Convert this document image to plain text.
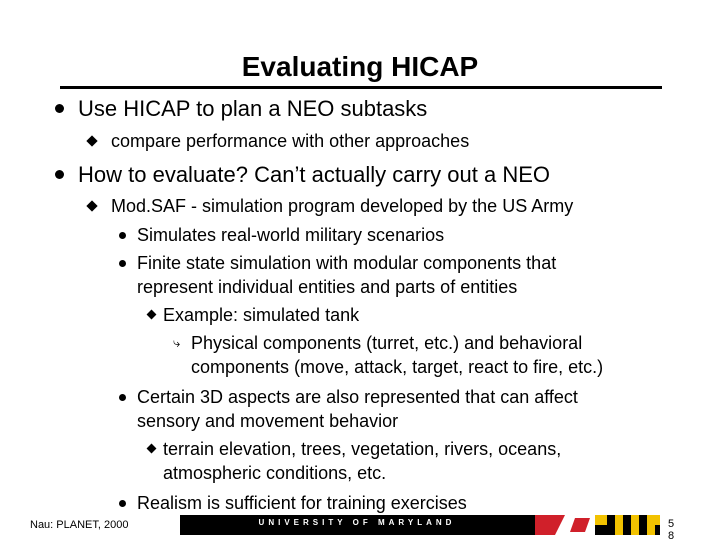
Evaluating HICAP
Use HICAP to plan a NEO subtasks
compare performance with other approaches
How to evaluate? Can’t actually carry out a NEO
Mod.SAF - simulation program developed by the US Army
Simulates real-world military scenarios
Finite state simulation with modular components that
represent individual entities and parts of entities
Example: simulated tank
⤷ Physical components (turret, etc.) and behavioral
components (move, attack, target, react to fire, etc.)
Certain 3D aspects are also represented that can affect
sensory and movement behavior
terrain elevation, trees, vegetation, rivers, oceans,
atmospheric conditions, etc.
Realism is sufficient for training exercises
Nau: PLANET, 2000	UNIVERSITY OF MARYLAND	5
8
